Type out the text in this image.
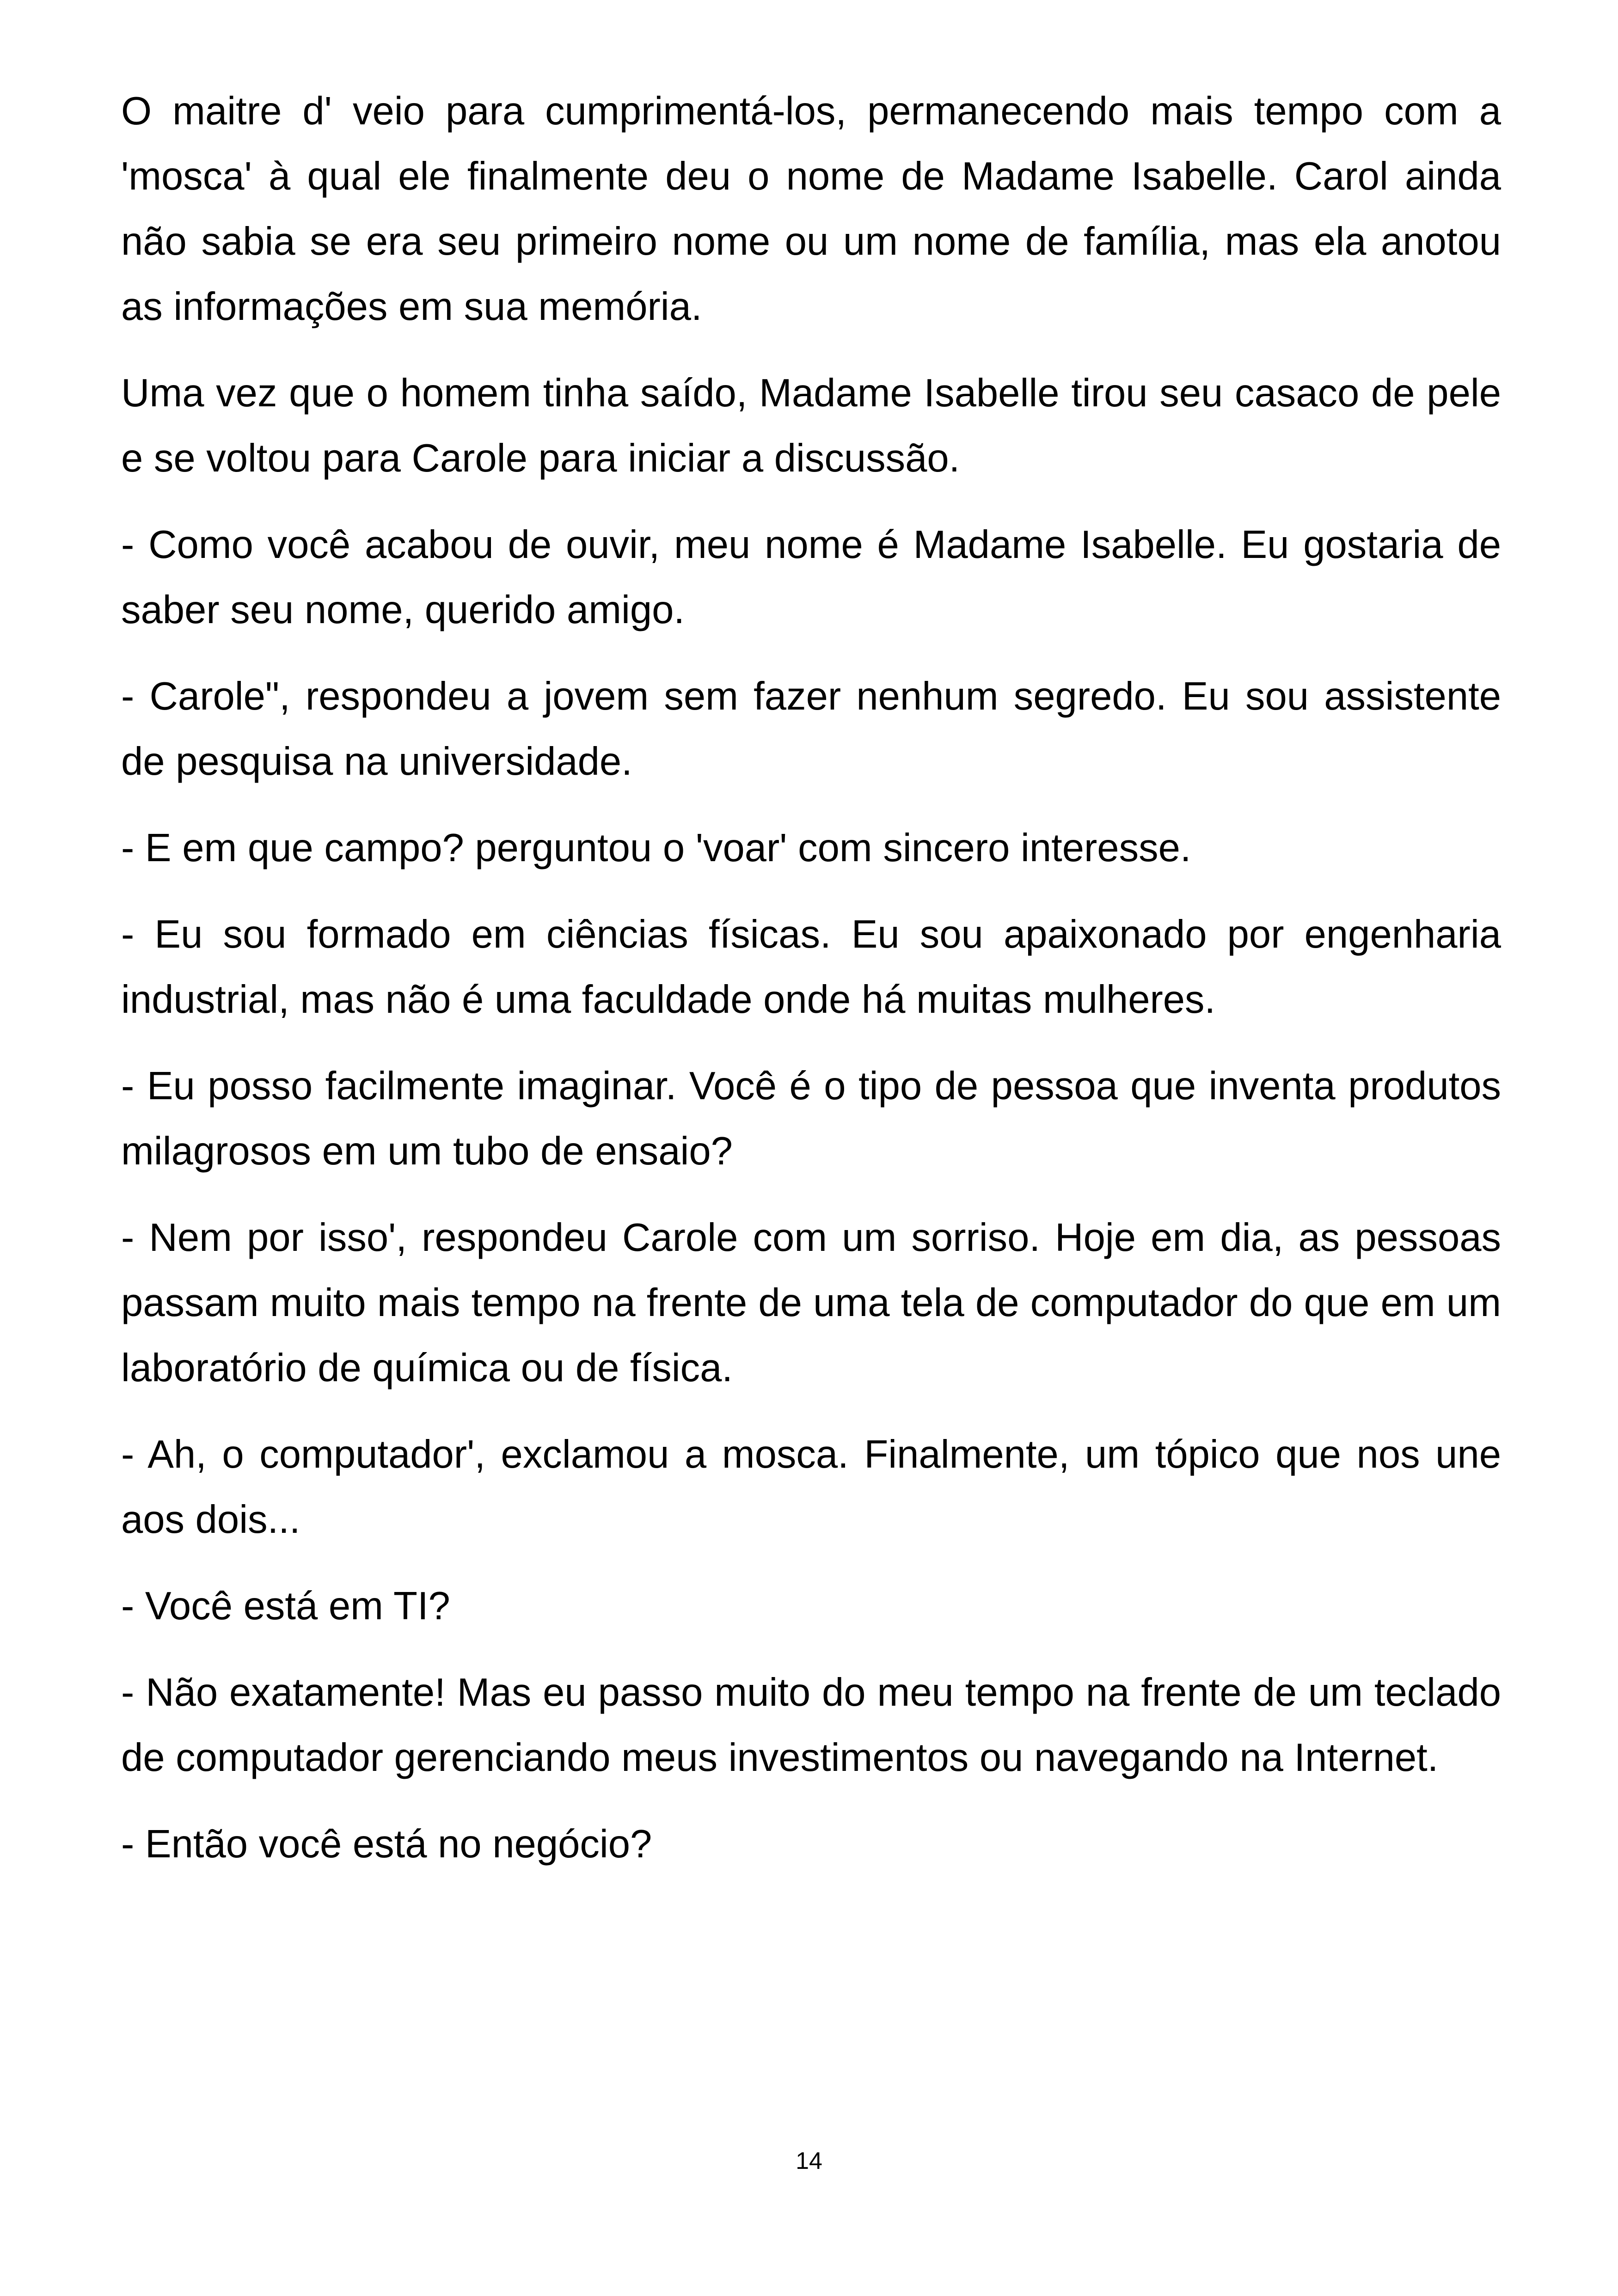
O maitre d' veio para cumprimentá-los, permanecendo mais tempo com a 'mosca' à qual ele finalmente deu o nome de Madame Isabelle. Carol ainda não sabia se era seu primeiro nome ou um nome de família, mas ela anotou as informações em sua memória.

Uma vez que o homem tinha saído, Madame Isabelle tirou seu casaco de pele e se voltou para Carole para iniciar a discussão.

- Como você acabou de ouvir, meu nome é Madame Isabelle. Eu gostaria de saber seu nome, querido amigo.

- Carole", respondeu a jovem sem fazer nenhum segredo. Eu sou assistente de pesquisa na universidade.

- E em que campo? perguntou o 'voar' com sincero interesse.

- Eu sou formado em ciências físicas. Eu sou apaixonado por engenharia industrial, mas não é uma faculdade onde há muitas mulheres.

- Eu posso facilmente imaginar. Você é o tipo de pessoa que inventa produtos milagrosos em um tubo de ensaio?

- Nem por isso', respondeu Carole com um sorriso. Hoje em dia, as pessoas passam muito mais tempo na frente de uma tela de computador do que em um laboratório de química ou de física.

- Ah, o computador', exclamou a mosca. Finalmente, um tópico que nos une aos dois...

- Você está em TI?

- Não exatamente! Mas eu passo muito do meu tempo na frente de um teclado de computador gerenciando meus investimentos ou navegando na Internet.

- Então você está no negócio?

14
